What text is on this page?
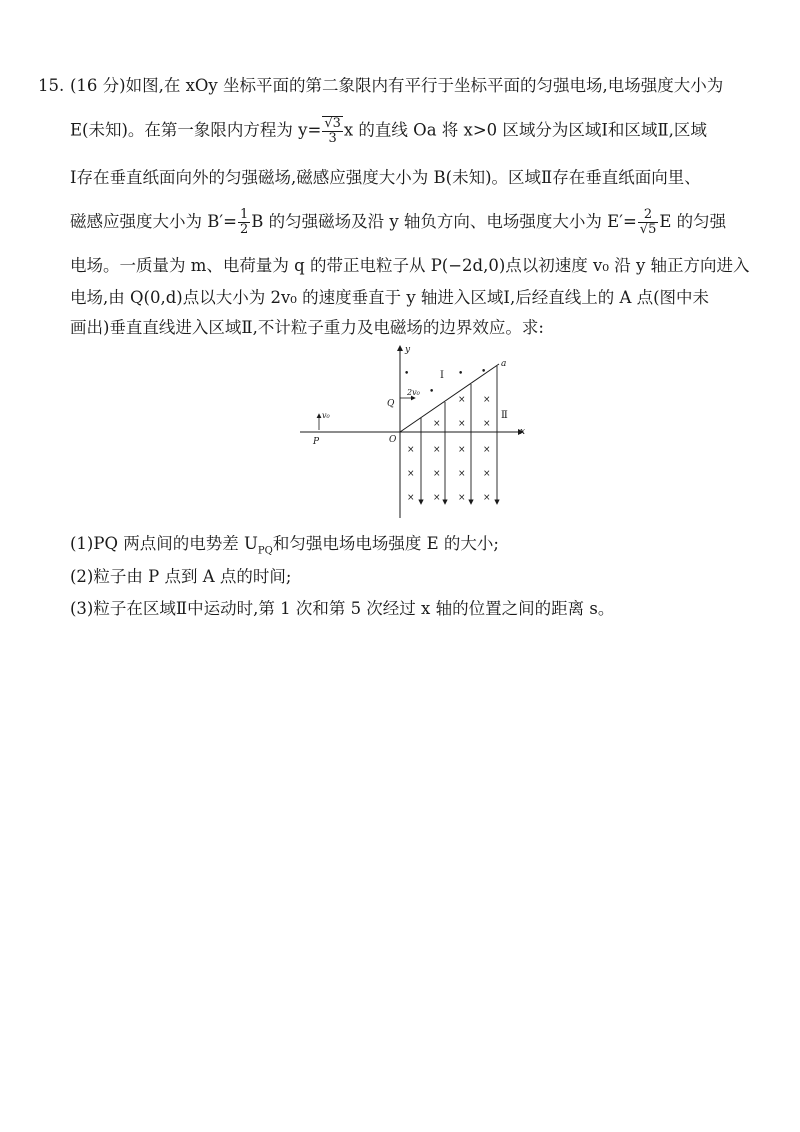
15. (16 分)如图,在 xOy 坐标平面的第二象限内有平行于坐标平面的匀强电场,电场强度大小为
E(未知)。在第一象限内方程为 $y= \frac{√3}{3}$ x 的直线 Oa 将 x>0 区域分为区域Ⅰ和区域Ⅱ,区域
Ⅰ存在垂直纸面向外的匀强磁场,磁感应强度大小为 B(未知)。区域Ⅱ存在垂直纸面向里、
磁感应强度大小为 $B'= \frac{1}{2}$ B 的匀强磁场及沿 y 轴负方向、电场强度大小为 $E'= \frac{2}{√5}$ E 的匀强
电场。一质量为 m、电荷量为 q 的带正电粒子从 P(−2d,0)点以初速度 v₀ 沿 y 轴正方向进入
电场,由 Q(0,d)点以大小为 2v₀ 的速度垂直于 y 轴进入区域Ⅰ,后经直线上的 A 点(图中未
画出)垂直直线进入区域Ⅱ,不计粒子重力及电磁场的边界效应。求:
y
x
O
a
•	• •
•
Ⅰ
Q
2v₀
P
v₀	Ⅱ
× ×
× ×
×
× × × ×
× × × ×
× × × ×
(1)PQ 两点间的电势差 $U_{PQ}$和匀强电场电场强度 E 的大小;
(2)粒子由 P 点到 A 点的时间;
(3)粒子在区域Ⅱ中运动时,第 1 次和第 5 次经过 x 轴的位置之间的距离 s。
